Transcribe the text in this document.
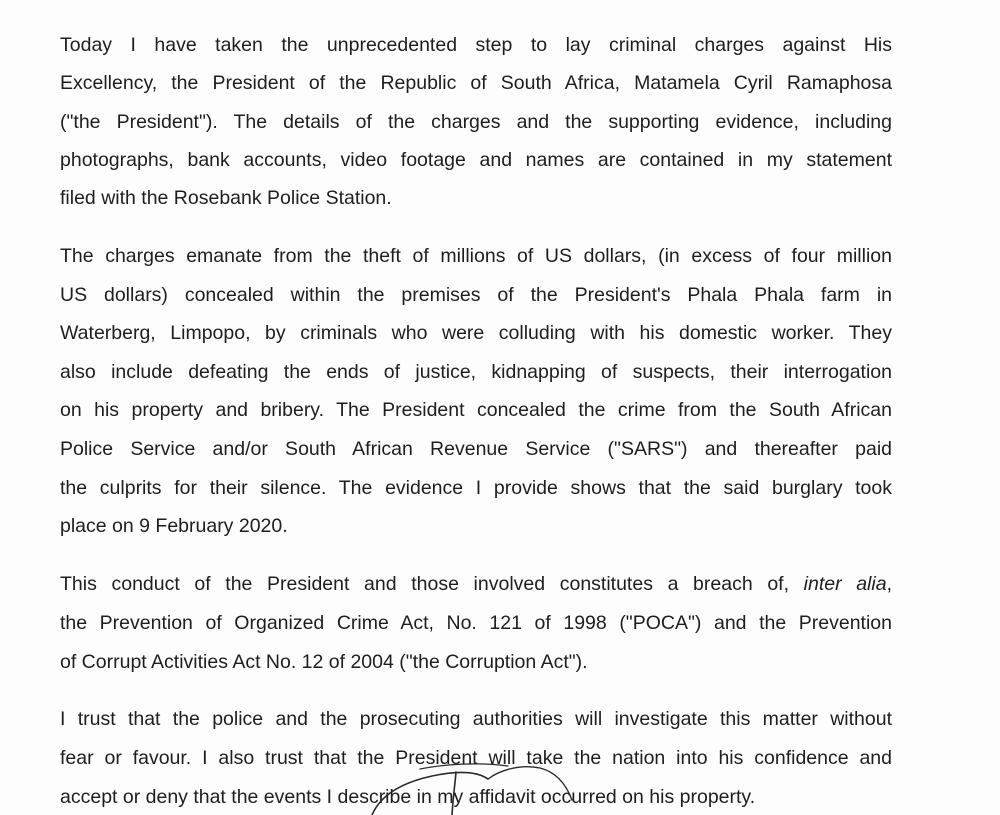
Today I have taken the unprecedented step to lay criminal charges against His
Excellency, the President of the Republic of South Africa, Matamela Cyril Ramaphosa
("the President"). The details of the charges and the supporting evidence, including
photographs, bank accounts, video footage and names are contained in my statement
filed with the Rosebank Police Station.
The charges emanate from the theft of millions of US dollars, (in excess of four million
US dollars) concealed within the premises of the President's Phala Phala farm in
Waterberg, Limpopo, by criminals who were colluding with his domestic worker. They
also include defeating the ends of justice, kidnapping of suspects, their interrogation
on his property and bribery. The President concealed the crime from the South African
Police Service and/or South African Revenue Service ("SARS") and thereafter paid
the culprits for their silence. The evidence I provide shows that the said burglary took
place on 9 February 2020.
This conduct of the President and those involved constitutes a breach of, inter alia,
the Prevention of Organized Crime Act, No. 121 of 1998 ("POCA") and the Prevention
of Corrupt Activities Act No. 12 of 2004 ("the Corruption Act").
I trust that the police and the prosecuting authorities will investigate this matter without
fear or favour. I also trust that the President will take the nation into his confidence and
accept or deny that the events I describe in my affidavit occurred on his property.
